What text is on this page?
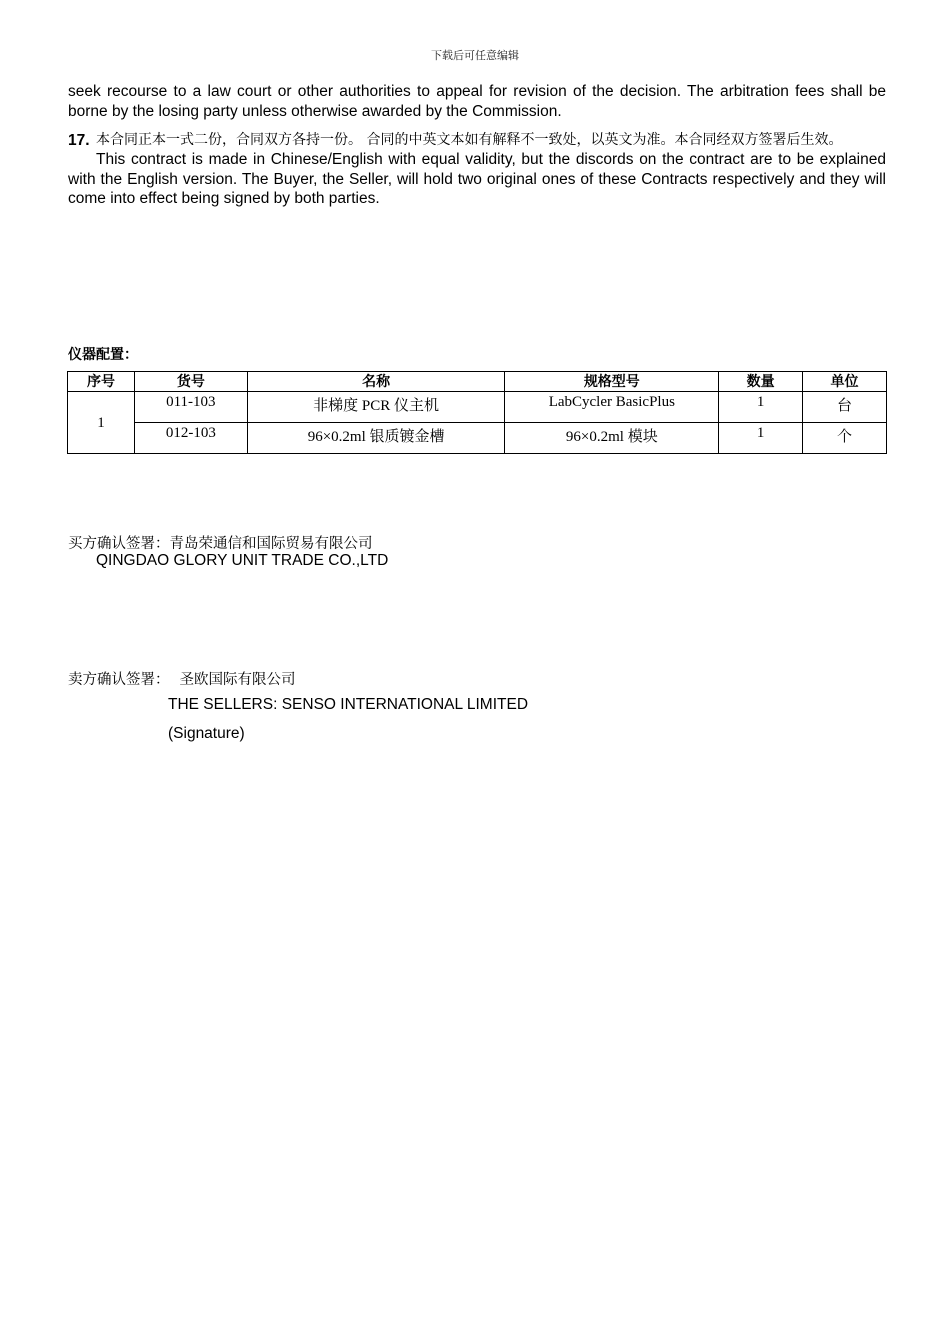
下载后可任意编辑
seek recourse to a law court or other authorities to appeal for revision of the decision. The arbitration fees shall be borne by the losing party unless otherwise awarded by the Commission.
17. 本合同正本一式二份，合同双方各持一份。 合同的中英文本如有解释不一致处，以英文为准。本合同经双方签署后生效。
This contract is made in Chinese/English with equal validity, but the discords on the contract are to be explained with the English version. The Buyer, the Seller, will hold two original ones of these Contracts respectively and they will come into effect being signed by both parties.
仪器配置：
序号	货号	名称	规格型号	数量	单位
1	011-103	非梯度 PCR 仪主机	LabCycler BasicPlus	1	台
	012-103	96×0.2ml 银质镀金槽	96×0.2ml 模块	1	个
买方确认签署：青岛荣通信和国际贸易有限公司
QINGDAO GLORY UNIT TRADE CO.,LTD
卖方确认签署： 圣欧国际有限公司
THE SELLERS: SENSO INTERNATIONAL LIMITED
(Signature)
